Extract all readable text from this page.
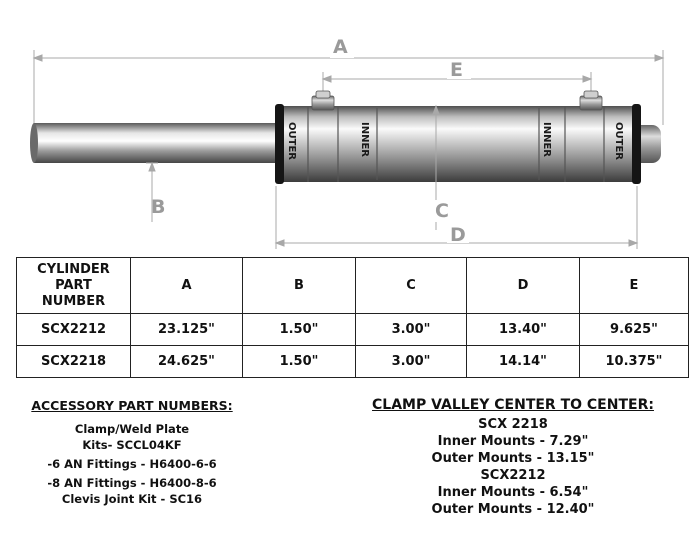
A
E
B
OUTER	INNER	INNER	OUTER
C
D
CYLINDER
PART
NUMBER	A	B	C	D	E
SCX2212	23.125"	1.50"	3.00"	13.40"	9.625"
SCX2218	24.625"	1.50"	3.00"	14.14"	10.375"
ACCESSORY PART NUMBERS:
Clamp/Weld Plate
Kits- SCCL04KF
-6 AN Fittings - H6400-6-6
-8 AN Fittings - H6400-8-6
Clevis Joint Kit - SC16
CLAMP VALLEY CENTER TO CENTER:
SCX 2218
Inner Mounts - 7.29"
Outer Mounts - 13.15"
SCX2212
Inner Mounts - 6.54"
Outer Mounts - 12.40"
